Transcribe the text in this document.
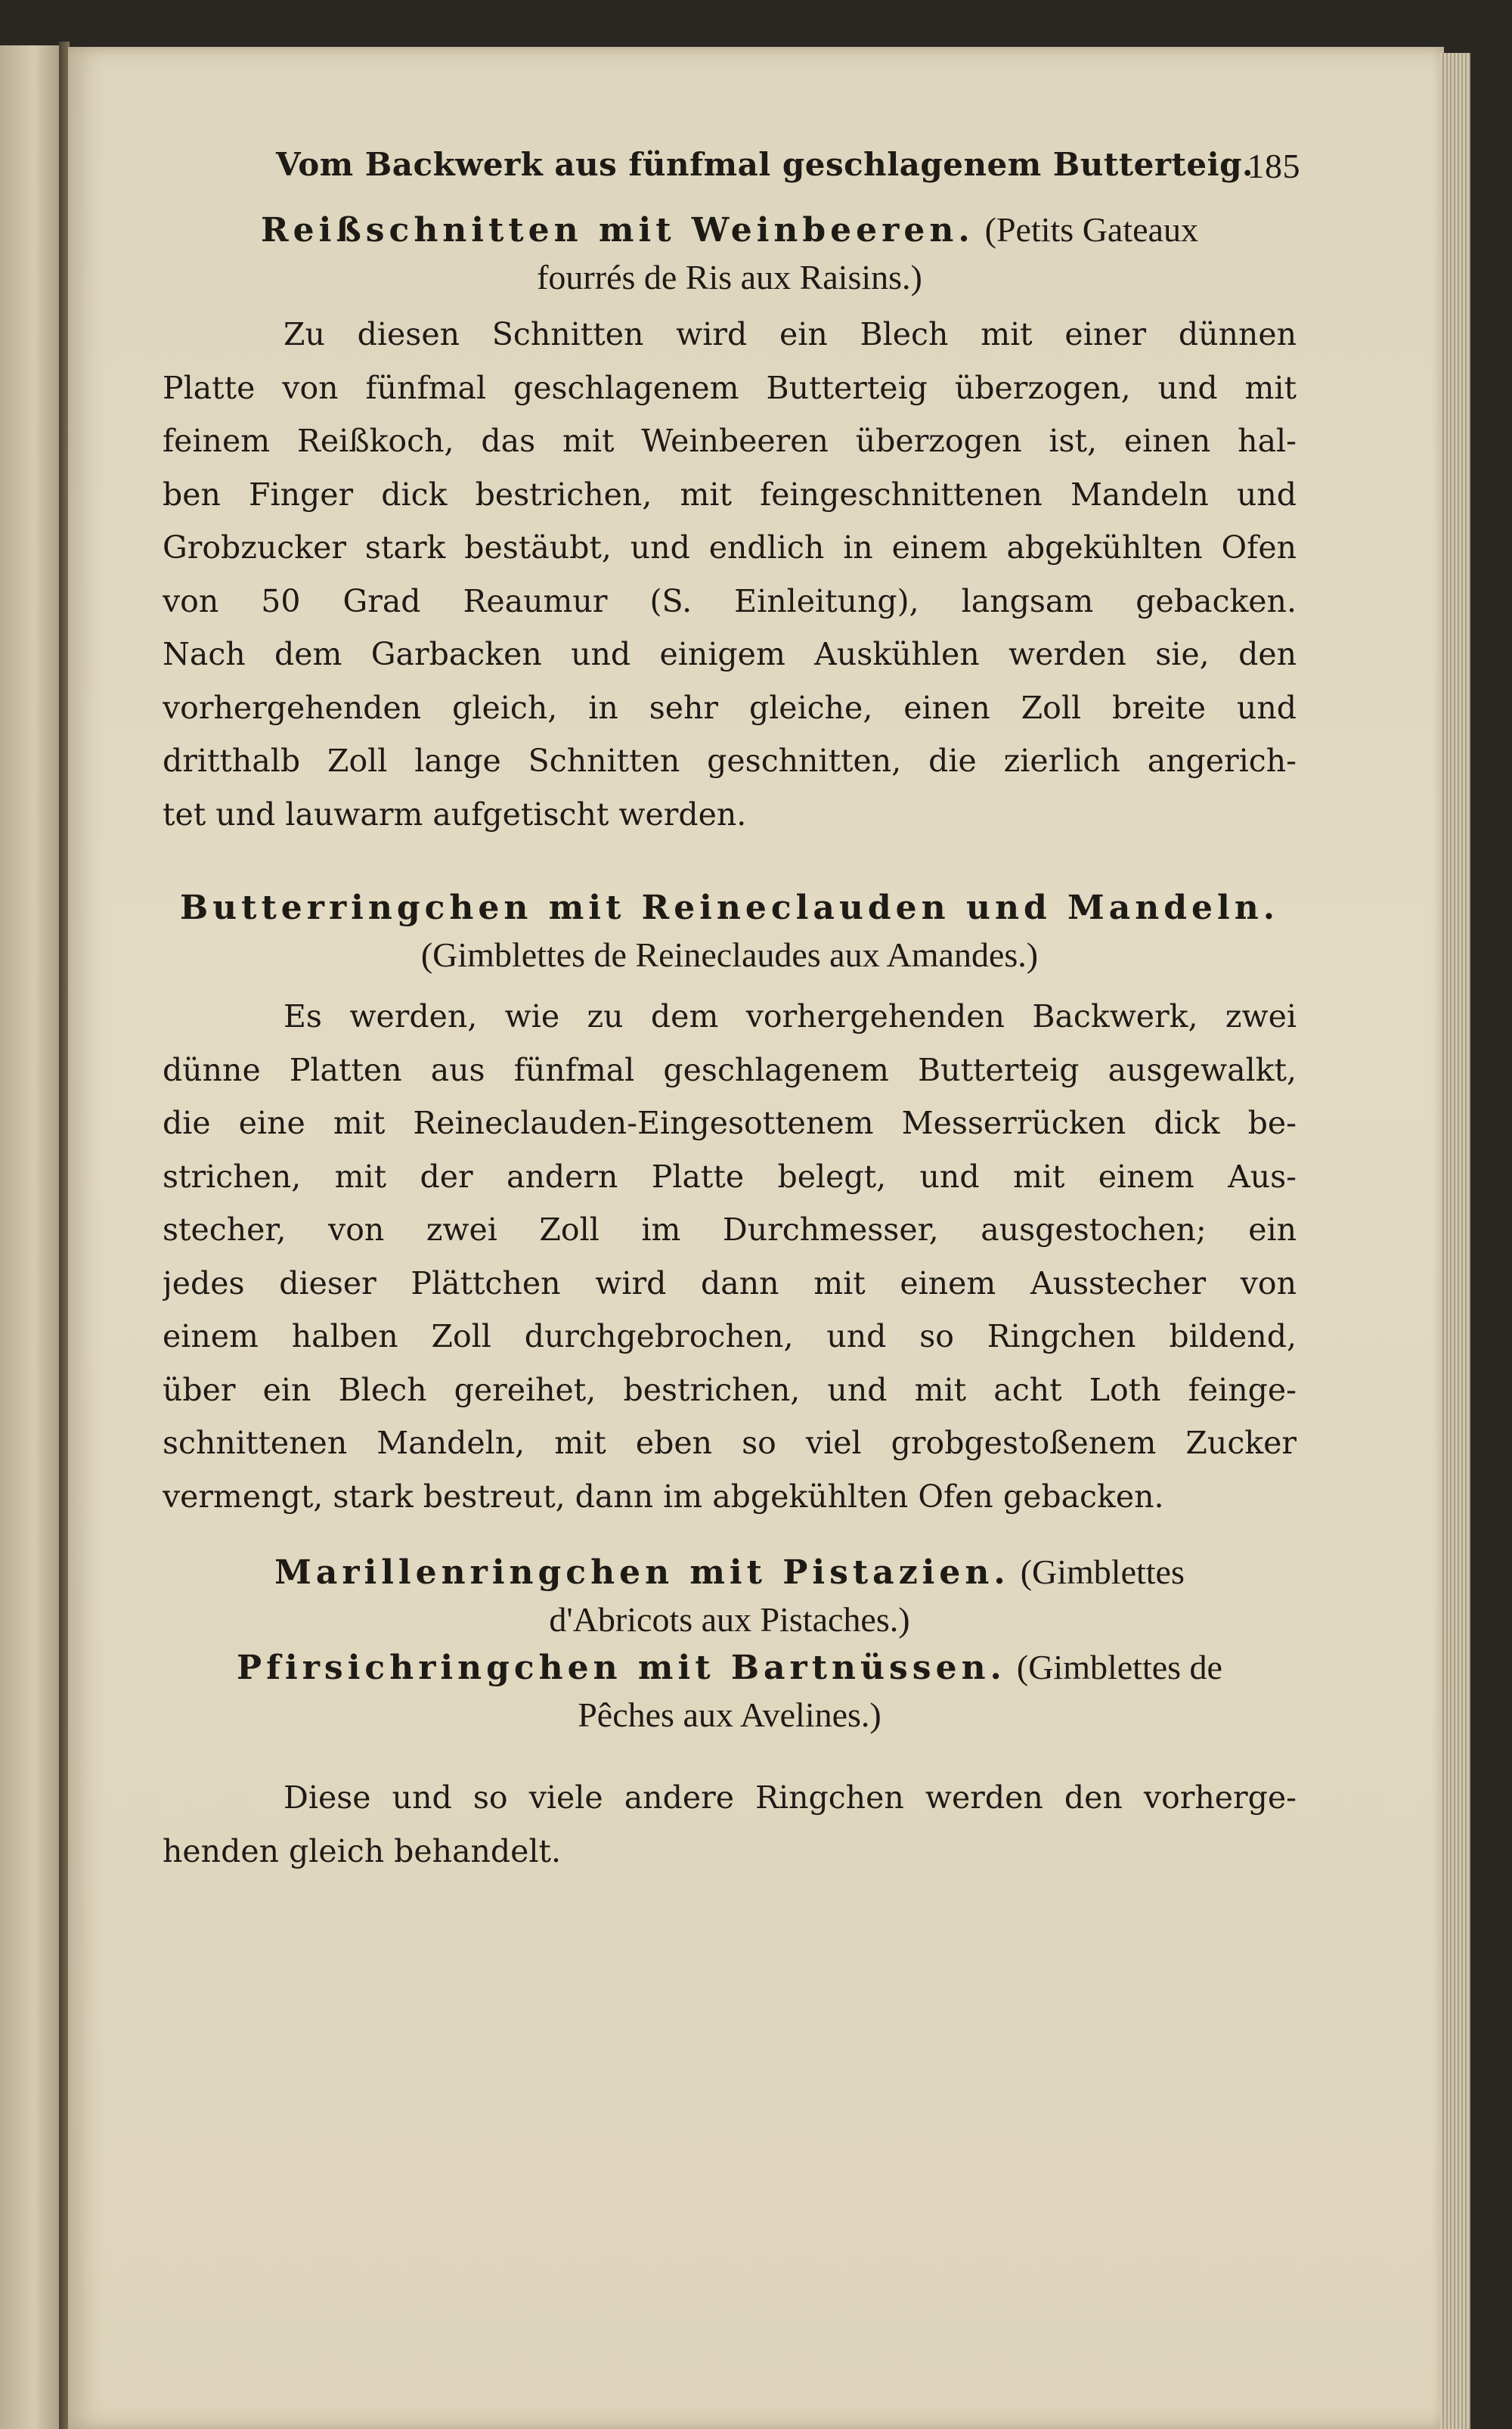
Vom Backwerk aus fünfmal geschlagenem Butterteig.
185

Reißschnitten mit Weinbeeren. (Petits Gateaux
fourrés de Ris aux Raisins.)

Zu diesen Schnitten wird ein Blech mit einer dünnen
Platte von fünfmal geschlagenem Butterteig überzogen, und mit
feinem Reißkoch, das mit Weinbeeren überzogen ist, einen hal-
ben Finger dick bestrichen, mit feingeschnittenen Mandeln und
Grobzucker stark bestäubt, und endlich in einem abgekühlten Ofen
von 50 Grad Reaumur (S. Einleitung), langsam gebacken.
Nach dem Garbacken und einigem Auskühlen werden sie, den
vorhergehenden gleich, in sehr gleiche, einen Zoll breite und
dritthalb Zoll lange Schnitten geschnitten, die zierlich angerich-
tet und lauwarm aufgetischt werden.

Butterringchen mit Reineclauden und Mandeln.
(Gimblettes de Reineclaudes aux Amandes.)

Es werden, wie zu dem vorhergehenden Backwerk, zwei
dünne Platten aus fünfmal geschlagenem Butterteig ausgewalkt,
die eine mit Reineclauden-Eingesottenem Messerrücken dick be-
strichen, mit der andern Platte belegt, und mit einem Aus-
stecher, von zwei Zoll im Durchmesser, ausgestochen; ein
jedes dieser Plättchen wird dann mit einem Ausstecher von
einem halben Zoll durchgebrochen, und so Ringchen bildend,
über ein Blech gereihet, bestrichen, und mit acht Loth feinge-
schnittenen Mandeln, mit eben so viel grobgestoßenem Zucker
vermengt, stark bestreut, dann im abgekühlten Ofen gebacken.

Marillenringchen mit Pistazien. (Gimblettes
d'Abricots aux Pistaches.)

Pfirsichringchen mit Bartnüssen. (Gimblettes de
Pêches aux Avelines.)

Diese und so viele andere Ringchen werden den vorherge-
henden gleich behandelt.
